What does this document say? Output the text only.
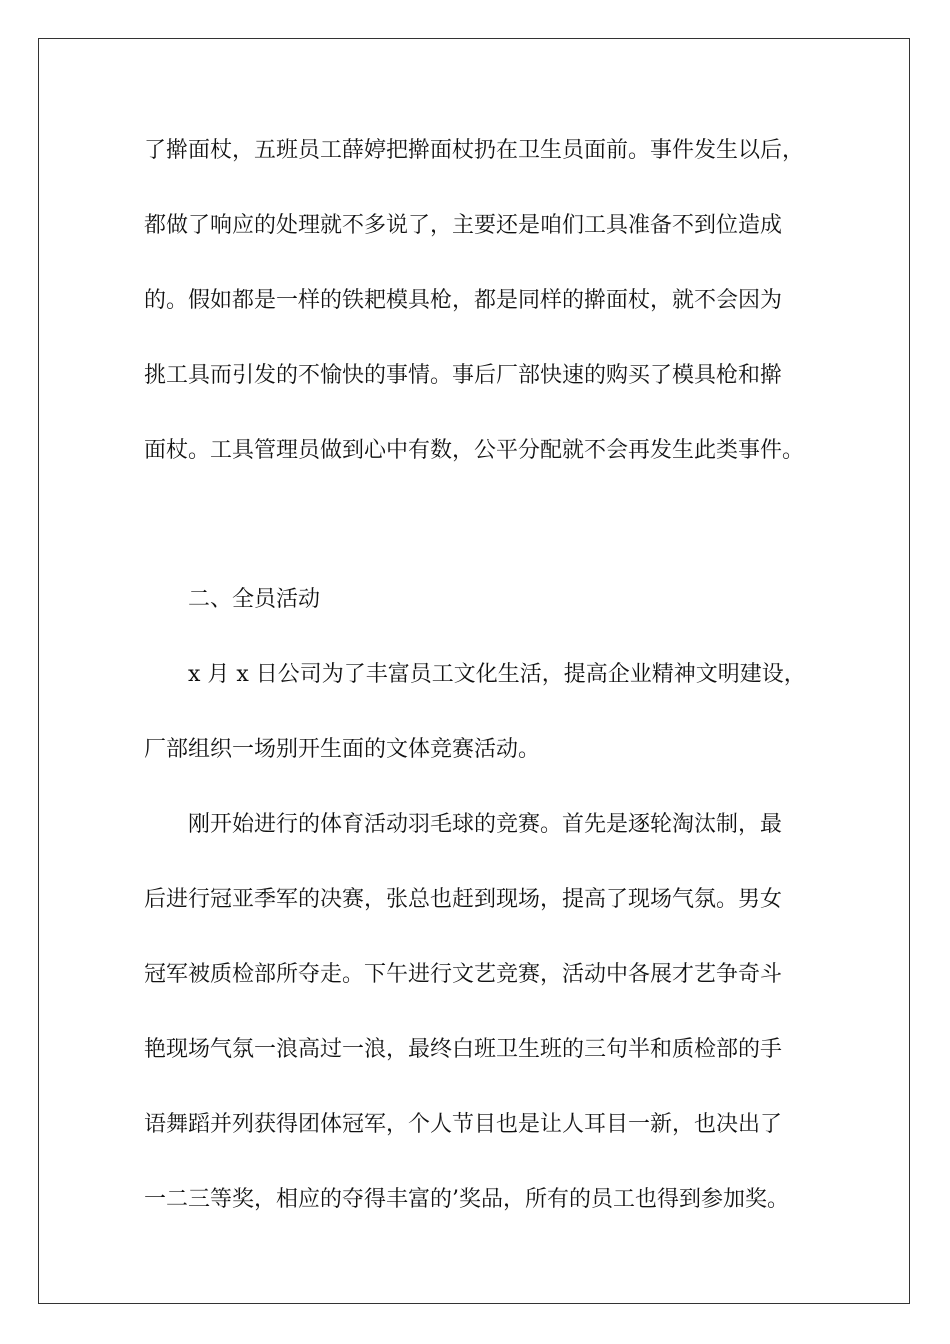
了擀面杖，五班员工薛婷把擀面杖扔在卫生员面前。事件发生以后，
都做了响应的处理就不多说了，主要还是咱们工具准备不到位造成
的。假如都是一样的铁耙模具枪，都是同样的擀面杖，就不会因为
挑工具而引发的不愉快的事情。事后厂部快速的购买了模具枪和擀
面杖。工具管理员做到心中有数，公平分配就不会再发生此类事件。
二、全员活动
x 月 x 日公司为了丰富员工文化生活，提高企业精神文明建设，
厂部组织一场别开生面的文体竞赛活动。
刚开始进行的体育活动羽毛球的竞赛。首先是逐轮淘汰制，最
后进行冠亚季军的决赛，张总也赶到现场，提高了现场气氛。男女
冠军被质检部所夺走。下午进行文艺竞赛，活动中各展才艺争奇斗
艳现场气氛一浪高过一浪，最终白班卫生班的三句半和质检部的手
语舞蹈并列获得团体冠军，个人节目也是让人耳目一新，也决出了
一二三等奖，相应的夺得丰富的’奖品，所有的员工也得到参加奖。
